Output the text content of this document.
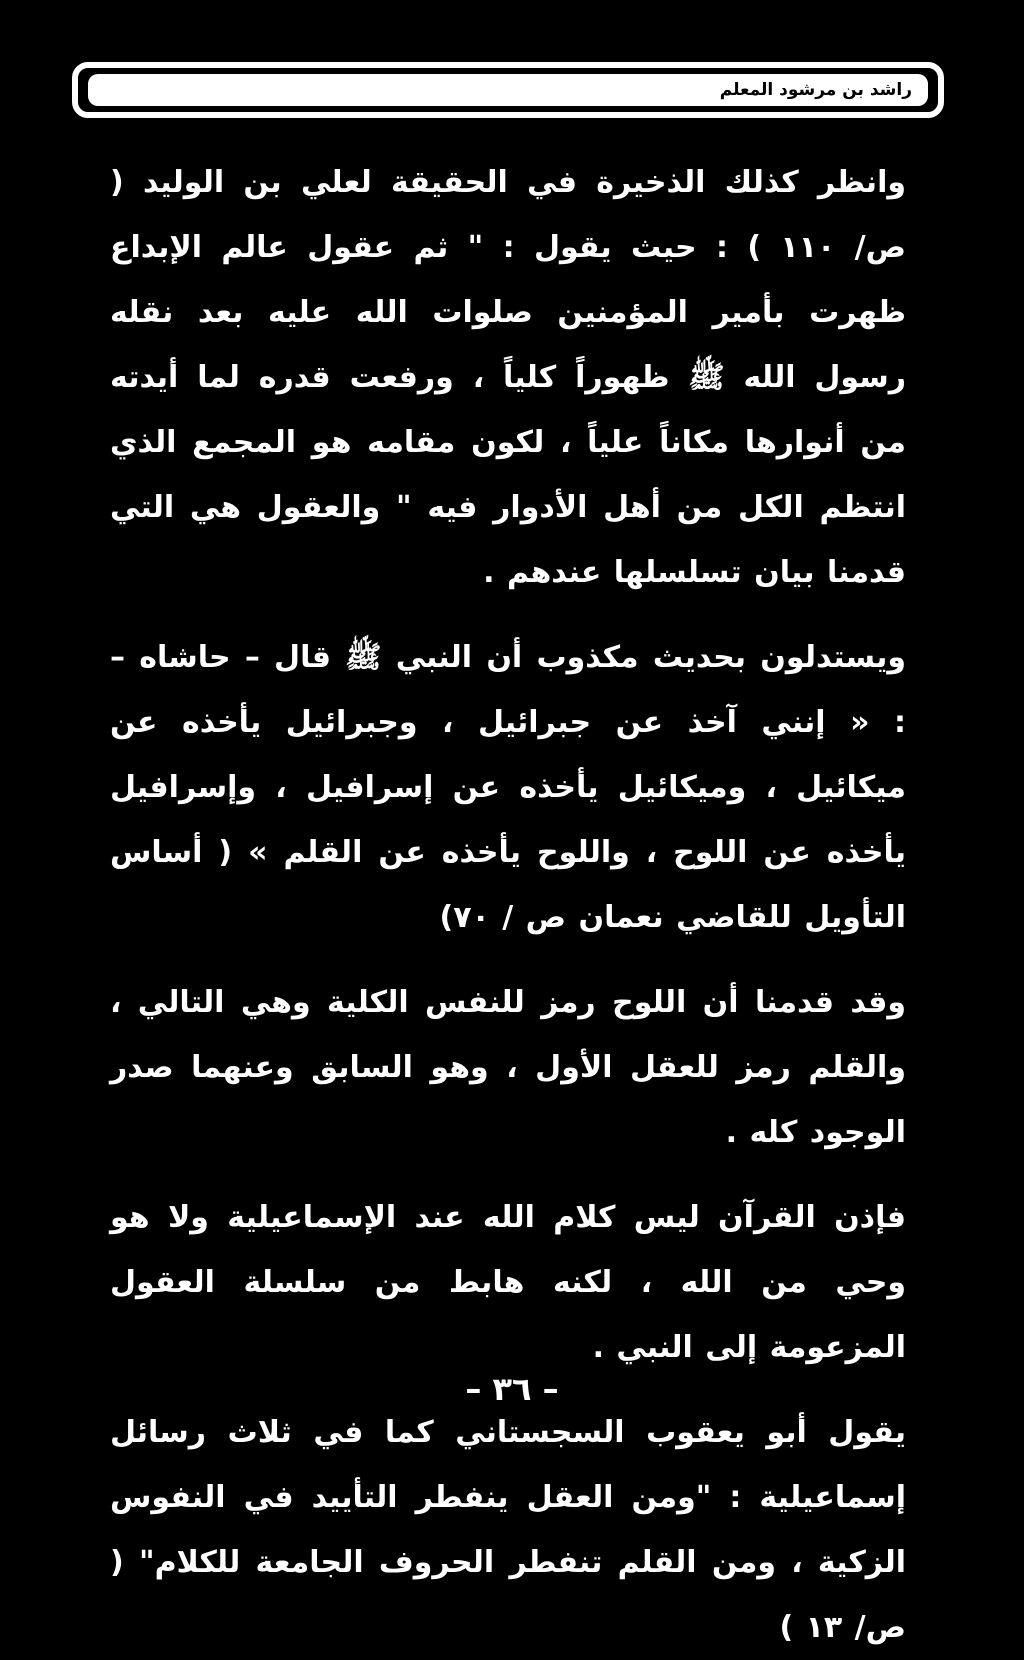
راشد بن مرشود المعلم

وانظر كذلك الذخيرة في الحقيقة لعلي بن الوليد ( ص/ ١١٠ ) : حيث يقول : " ثم عقول عالم الإبداع ظهرت بأمير المؤمنين صلوات الله عليه بعد نقله رسول الله ﷺ ظهوراً كلياً ، ورفعت قدره لما أيدته من أنوارها مكاناً علياً ، لكون مقامه هو المجمع الذي انتظم الكل من أهل الأدوار فيه " والعقول هي التي قدمنا بيان تسلسلها عندهم .

ويستدلون بحديث مكذوب أن النبي ﷺ قال – حاشاه – : « إنني آخذ عن جبرائيل ، وجبرائيل يأخذه عن ميكائيل ، وميكائيل يأخذه عن إسرافيل ، وإسرافيل يأخذه عن اللوح ، واللوح يأخذه عن القلم » ( أساس التأويل للقاضي نعمان ص / ٧٠)

وقد قدمنا أن اللوح رمز للنفس الكلية وهي التالي ، والقلم رمز للعقل الأول ، وهو السابق وعنهما صدر الوجود كله .

فإذن القرآن ليس كلام الله عند الإسماعيلية ولا هو وحي من الله ، لكنه هابط من سلسلة العقول المزعومة إلى النبي .

يقول أبو يعقوب السجستاني كما في ثلاث رسائل إسماعيلية : "ومن العقل ينفطر التأييد في النفوس الزكية ، ومن القلم تنفطر الحروف الجامعة للكلام" ( ص/ ١٣ )

– ٣٦ –
